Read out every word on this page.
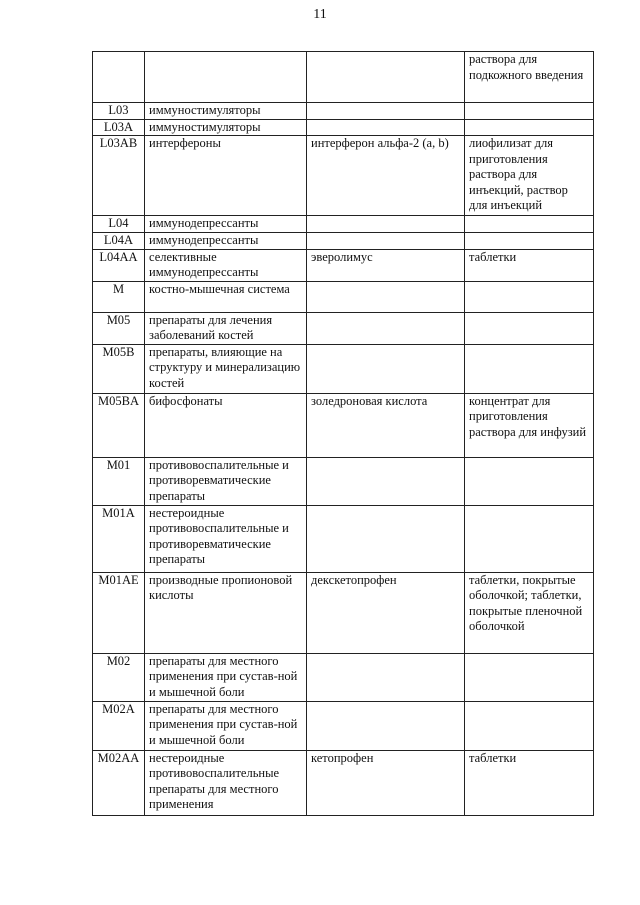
11
			раствора для подкожного введения
L03	иммуностимуляторы		
L03A	иммуностимуляторы		
L03AB	интерфероны	интерферон альфа-2 (a, b)	лиофилизат для приготовления раствора для инъекций, раствор для инъекций
L04	иммунодепрессанты		
L04A	иммунодепрессанты		
L04AA	селективные иммунодепрессанты	эверолимус	таблетки
M	костно-мышечная система		
M05	препараты для лечения заболеваний костей		
M05B	препараты, влияющие на структуру и минерализацию костей		
M05BA	бифосфонаты	золедроновая кислота	концентрат для приготовления раствора для инфузий
M01	противовоспалительные и противоревматические препараты		
M01A	нестероидные противовоспалительные и противоревматические препараты		
M01AE	производные пропионовой кислоты	декскетопрофен	таблетки, покрытые оболочкой; таблетки, покрытые пленочной оболочкой
M02	препараты для местного применения при сустав-ной и мышечной боли		
M02A	препараты для местного применения при сустав-ной и мышечной боли		
M02AA	нестероидные противовоспалительные препараты для местного применения	кетопрофен	таблетки
